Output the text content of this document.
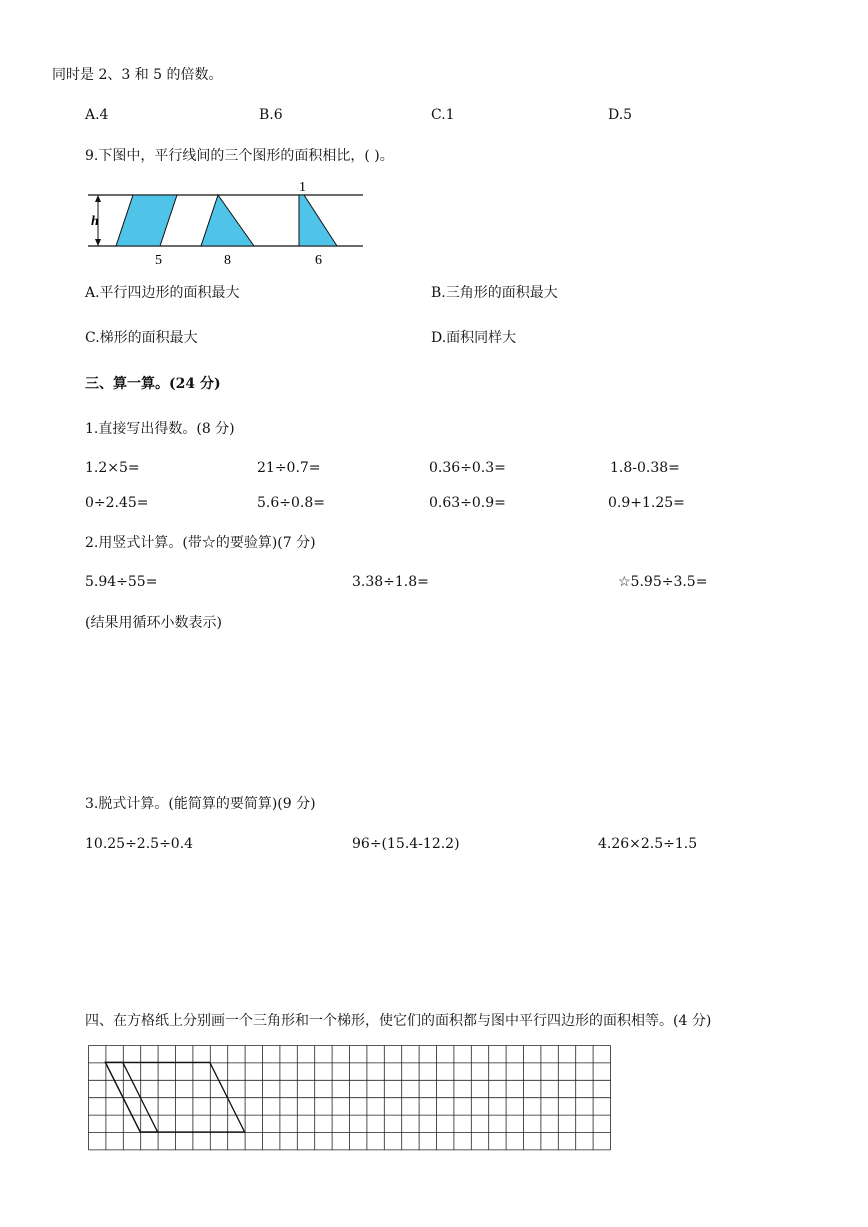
同时是 2、3 和 5 的倍数。
A.4	B.6	C.1	D.5
9.下图中，平行线间的三个图形的面积相比，( )。
h
1
5	8	6
A.平行四边形的面积最大	B.三角形的面积最大
C.梯形的面积最大	D.面积同样大
三、算一算。(24 分)
1.直接写出得数。(8 分)
1.2×5=	21÷0.7=	0.36÷0.3=	1.8-0.38=
0÷2.45=	5.6÷0.8=	0.63÷0.9=	0.9+1.25=
2.用竖式计算。(带☆的要验算)(7 分)
5.94÷55=	3.38÷1.8=	☆5.95÷3.5=
(结果用循环小数表示)
3.脱式计算。(能简算的要简算)(9 分)
10.25÷2.5÷0.4	96÷(15.4-12.2)	4.26×2.5÷1.5
四、在方格纸上分别画一个三角形和一个梯形，使它们的面积都与图中平行四边形的面积相等。(4 分)
